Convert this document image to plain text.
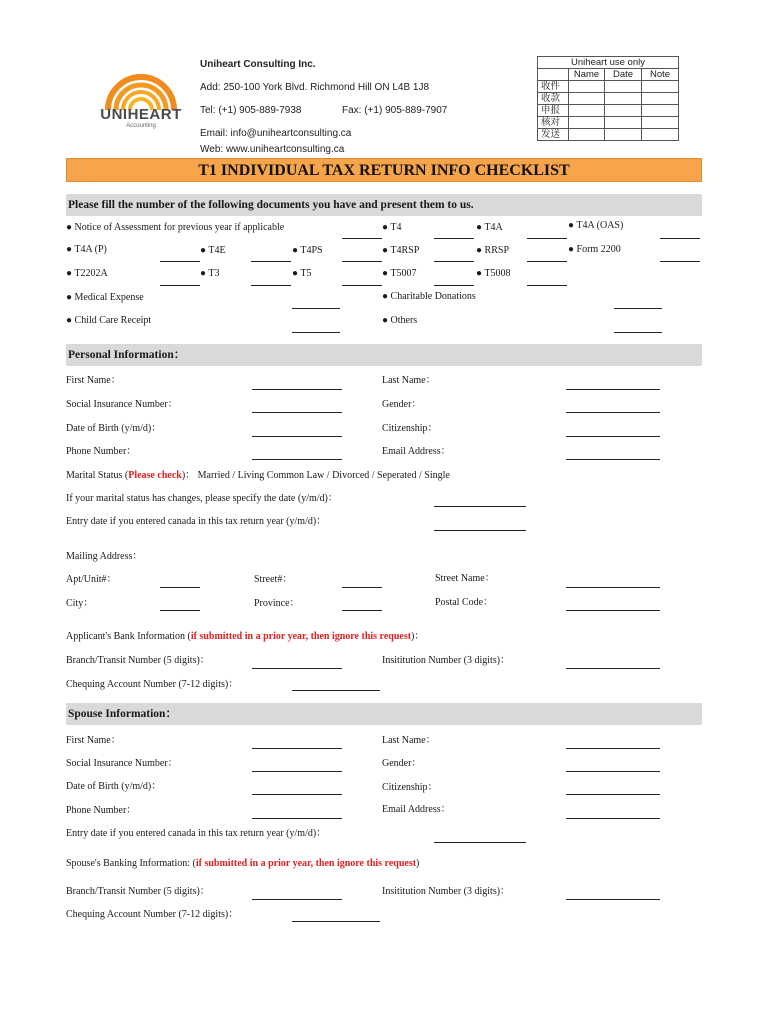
UNIHEART
Accounting
Uniheart Consulting Inc.
Add: 250-100 York Blvd. Richmond Hill ON L4B 1J8
Tel: (+1) 905-889-7938	Fax: (+1) 905-889-7907
Email: info@uniheartconsulting.ca
Web: www.uniheartconsulting.ca
Uniheart use only			
	Name	Date	Note
收件			
收款			
申报			
核对			
发送			
T1 INDIVIDUAL TAX RETURN INFO CHECKLIST
Please fill the number of the following documents you have and present them to us.
● Notice of Assessment for previous year if applicable	● T4	● T4A	● T4A (OAS)
● T4A (P)	● T4E	● T4PS	● T4RSP	● RRSP	● Form 2200
● T2202A	● T3	● T5	● T5007	● T5008
● Medical Expense	● Charitable Donations
● Child Care Receipt	● Others
Personal Information：
First Name：	Last Name：
Social Insurance Number：	Gender：
Date of Birth (y/m/d)：	Citizenship：
Phone Number：	Email Address：
Marital Status (Please check)： Married / Living Common Law / Divorced / Seperated / Single
If your marital status has changes, please specify the date (y/m/d)：
Entry date if you entered canada in this tax return year (y/m/d)：
Mailing Address：
Apt/Unit#：	Street#：	Street Name：
City：	Province：	Postal Code：
Applicant's Bank Information (if submitted in a prior year, then ignore this request)：
Branch/Transit Number (5 digits)：	Insititution Number (3 digits)：
Chequing Account Number (7-12 digits)：
Spouse Information：
First Name：	Last Name：
Social Insurance Number：	Gender：
Date of Birth (y/m/d)：	Citizenship：
Phone Number：	Email Address：
Entry date if you entered canada in this tax return year (y/m/d)：
Spouse's Banking Information: (if submitted in a prior year, then ignore this request)
Branch/Transit Number (5 digits)：	Insititution Number (3 digits)：
Chequing Account Number (7-12 digits)：
